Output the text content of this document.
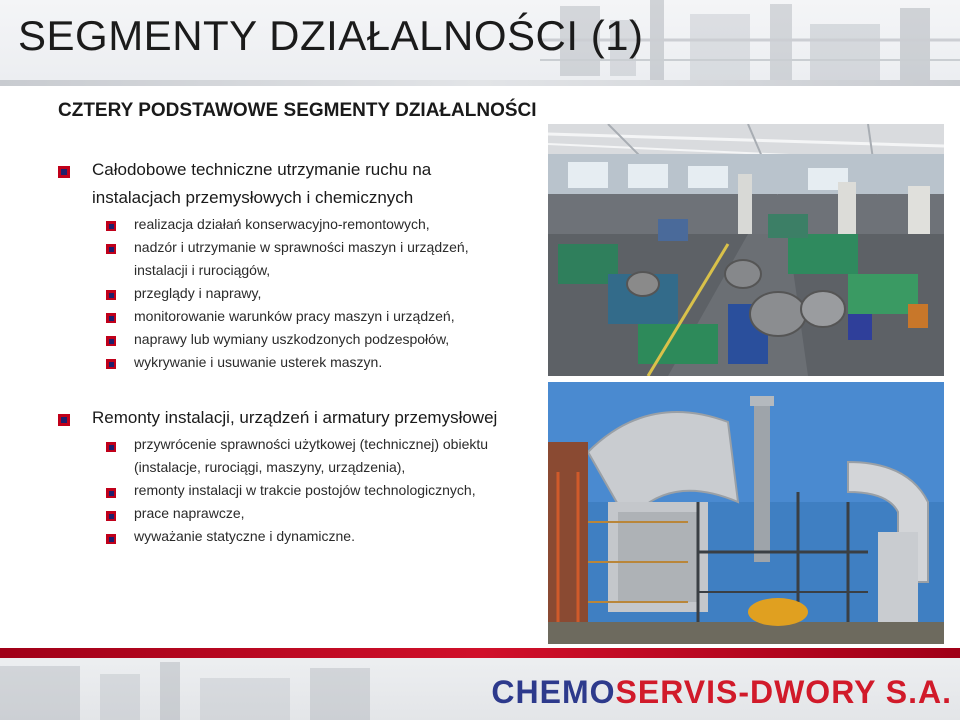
SEGMENTY DZIAŁALNOŚCI (1)
CZTERY PODSTAWOWE SEGMENTY DZIAŁALNOŚCI
Całodobowe techniczne utrzymanie ruchu na
instalacjach przemysłowych i chemicznych
realizacja działań konserwacyjno-remontowych,
nadzór i utrzymanie w sprawności maszyn i urządzeń,
instalacji i rurociągów,
przeglądy i naprawy,
monitorowanie warunków pracy maszyn i urządzeń,
naprawy lub wymiany uszkodzonych podzespołów,
wykrywanie i usuwanie usterek maszyn.
Remonty instalacji, urządzeń i armatury przemysłowej
przywrócenie sprawności użytkowej (technicznej) obiektu
(instalacje, rurociągi, maszyny, urządzenia),
remonty instalacji w trakcie postojów technologicznych,
prace naprawcze,
wyważanie statyczne i dynamiczne.
CHEMOSERVIS-DWORY S.A.
